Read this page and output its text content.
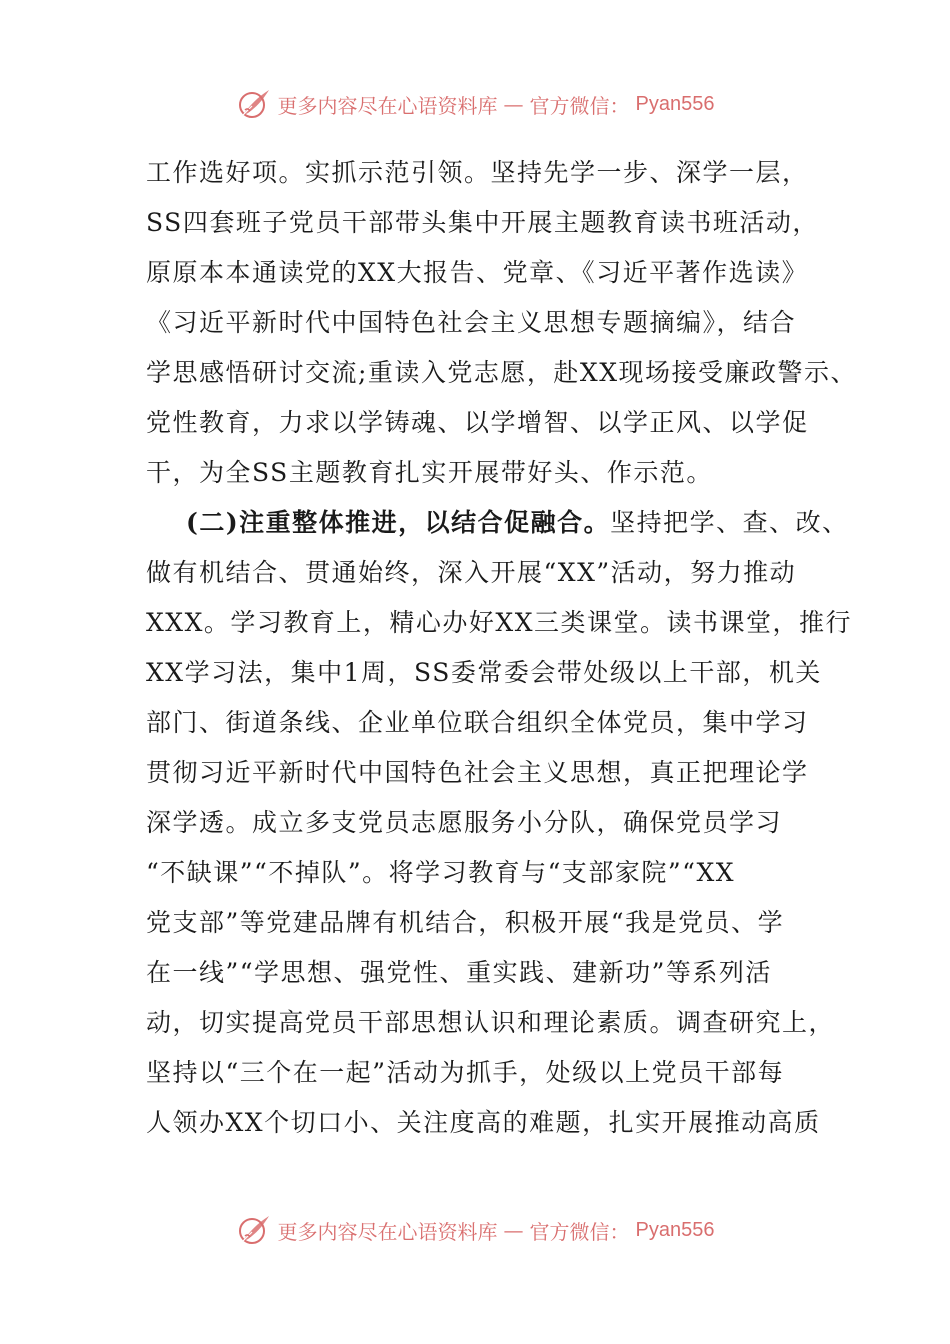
更多内容尽在心语资料库 — 官方微信： Pyan556
工作选好项。实抓示范引领。坚持先学一步、深学一层，
SS四套班子党员干部带头集中开展主题教育读书班活动，
原原本本通读党的XX大报告、党章、《习近平著作选读》
《习近平新时代中国特色社会主义思想专题摘编》，结合
学思感悟研讨交流;重读入党志愿，赴XX现场接受廉政警示、
党性教育，力求以学铸魂、以学增智、以学正风、以学促
干，为全SS主题教育扎实开展带好头、作示范。
(二)注重整体推进，以结合促融合。坚持把学、查、改、
做有机结合、贯通始终，深入开展“XX”活动，努力推动
XXX。学习教育上，精心办好XX三类课堂。读书课堂，推行
XX学习法，集中1周，SS委常委会带处级以上干部，机关
部门、街道条线、企业单位联合组织全体党员，集中学习
贯彻习近平新时代中国特色社会主义思想，真正把理论学
深学透。成立多支党员志愿服务小分队，确保党员学习
“不缺课”“不掉队”。将学习教育与“支部家院”“XX
党支部”等党建品牌有机结合，积极开展“我是党员、学
在一线”“学思想、强党性、重实践、建新功”等系列活
动，切实提高党员干部思想认识和理论素质。调查研究上，
坚持以“三个在一起”活动为抓手，处级以上党员干部每
人领办XX个切口小、关注度高的难题，扎实开展推动高质
更多内容尽在心语资料库 — 官方微信： Pyan556
